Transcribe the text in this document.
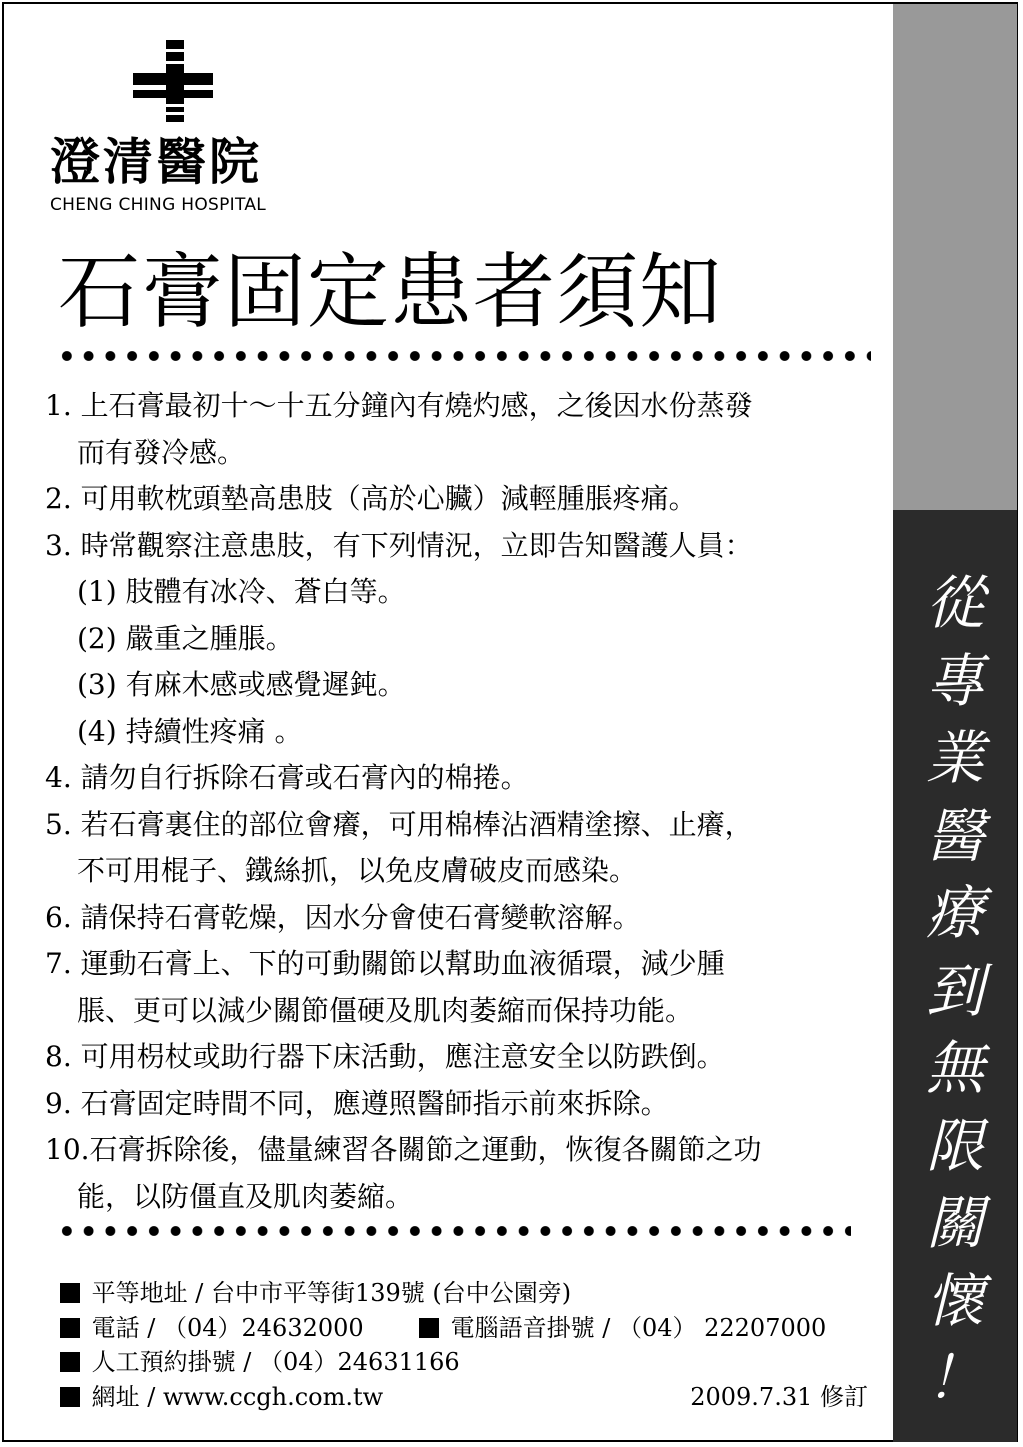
從
專
業
醫
療
到
無
限
關
懷
！
澄清醫院
CHENG CHING HOSPITAL
石膏固定患者須知
1. 上石膏最初十～十五分鐘內有燒灼感，之後因水份蒸發
而有發冷感。
2. 可用軟枕頭墊高患肢（高於心臟）減輕腫脹疼痛。
3. 時常觀察注意患肢，有下列情況，立即告知醫護人員：
(1) 肢體有冰冷、蒼白等。
(2) 嚴重之腫脹。
(3) 有麻木感或感覺遲鈍。
(4) 持續性疼痛 。
4. 請勿自行拆除石膏或石膏內的棉捲。
5. 若石膏裏住的部位會癢，可用棉棒沾酒精塗擦、止癢，
不可用棍子、鐵絲抓，以免皮膚破皮而感染。
6. 請保持石膏乾燥，因水分會使石膏變軟溶解。
7. 運動石膏上、下的可動關節以幫助血液循環，減少腫
脹、更可以減少關節僵硬及肌肉萎縮而保持功能。
8. 可用枴杖或助行器下床活動，應注意安全以防跌倒。
9. 石膏固定時間不同，應遵照醫師指示前來拆除。
10.石膏拆除後，儘量練習各關節之運動，恢復各關節之功
能，以防僵直及肌肉萎縮。
平等地址 / 台中市平等街139號 (台中公園旁)
電話 / （04）24632000	電腦語音掛號 / （04） 22207000
人工預約掛號 / （04）24631166
網址 / www.ccgh.com.tw	2009.7.31 修訂
